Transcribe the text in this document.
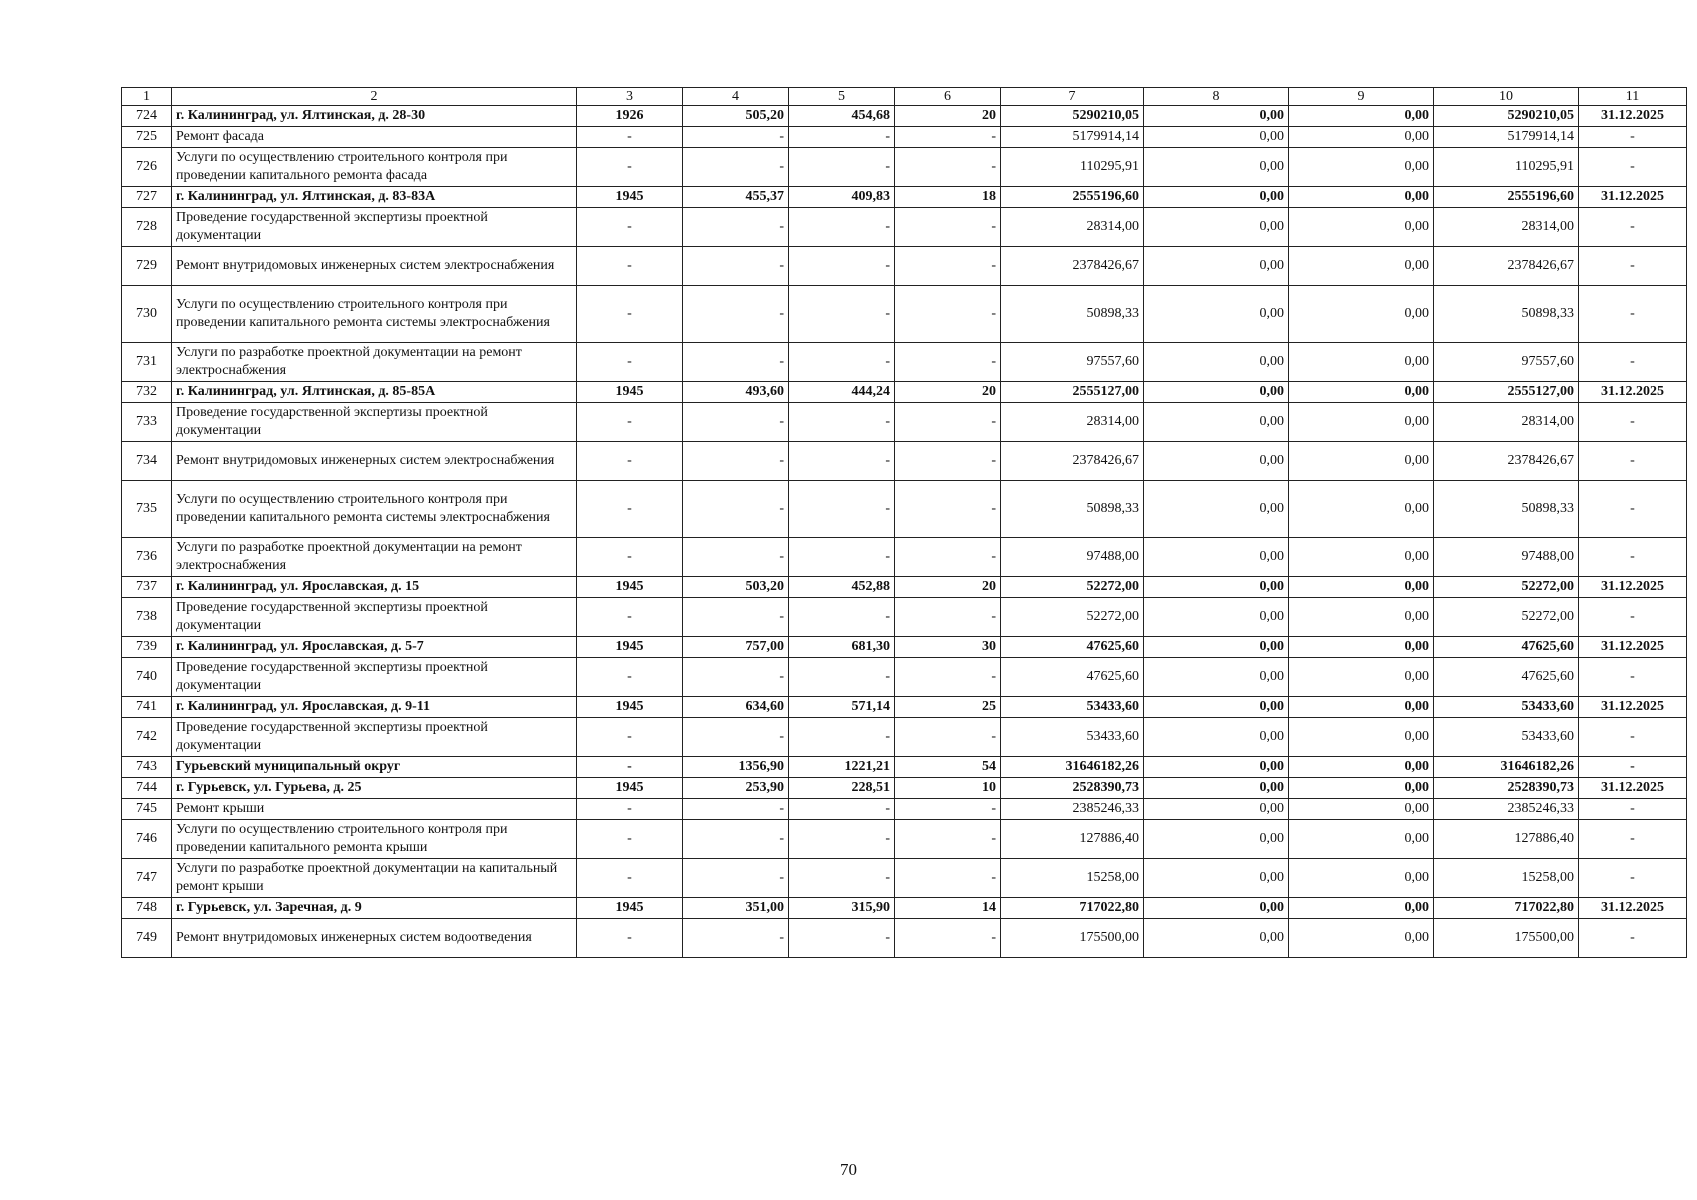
1	2	3	4	5	6	7	8	9	10	11
724	г. Калининград, ул. Ялтинская, д. 28-30	1926	505,20	454,68	20	5290210,05	0,00	0,00	5290210,05	31.12.2025
725	Ремонт фасада	-	-	-	-	5179914,14	0,00	0,00	5179914,14	-
726	Услуги по осуществлению строительного контроля при проведении капитального ремонта фасада	-	-	-	-	110295,91	0,00	0,00	110295,91	-
727	г. Калининград, ул. Ялтинская, д. 83-83А	1945	455,37	409,83	18	2555196,60	0,00	0,00	2555196,60	31.12.2025
728	Проведение государственной экспертизы проектной документации	-	-	-	-	28314,00	0,00	0,00	28314,00	-
729	Ремонт внутридомовых инженерных систем электроснабжения	-	-	-	-	2378426,67	0,00	0,00	2378426,67	-
730	Услуги по осуществлению строительного контроля при проведении капитального ремонта системы электроснабжения	-	-	-	-	50898,33	0,00	0,00	50898,33	-
731	Услуги по разработке проектной документации на ремонт электроснабжения	-	-	-	-	97557,60	0,00	0,00	97557,60	-
732	г. Калининград, ул. Ялтинская, д. 85-85А	1945	493,60	444,24	20	2555127,00	0,00	0,00	2555127,00	31.12.2025
733	Проведение государственной экспертизы проектной документации	-	-	-	-	28314,00	0,00	0,00	28314,00	-
734	Ремонт внутридомовых инженерных систем электроснабжения	-	-	-	-	2378426,67	0,00	0,00	2378426,67	-
735	Услуги по осуществлению строительного контроля при проведении капитального ремонта системы электроснабжения	-	-	-	-	50898,33	0,00	0,00	50898,33	-
736	Услуги по разработке проектной документации на ремонт электроснабжения	-	-	-	-	97488,00	0,00	0,00	97488,00	-
737	г. Калининград, ул. Ярославская, д. 15	1945	503,20	452,88	20	52272,00	0,00	0,00	52272,00	31.12.2025
738	Проведение государственной экспертизы проектной документации	-	-	-	-	52272,00	0,00	0,00	52272,00	-
739	г. Калининград, ул. Ярославская, д. 5-7	1945	757,00	681,30	30	47625,60	0,00	0,00	47625,60	31.12.2025
740	Проведение государственной экспертизы проектной документации	-	-	-	-	47625,60	0,00	0,00	47625,60	-
741	г. Калининград, ул. Ярославская, д. 9-11	1945	634,60	571,14	25	53433,60	0,00	0,00	53433,60	31.12.2025
742	Проведение государственной экспертизы проектной документации	-	-	-	-	53433,60	0,00	0,00	53433,60	-
743	Гурьевский муниципальный округ	-	1356,90	1221,21	54	31646182,26	0,00	0,00	31646182,26	-
744	г. Гурьевск, ул. Гурьева, д. 25	1945	253,90	228,51	10	2528390,73	0,00	0,00	2528390,73	31.12.2025
745	Ремонт крыши	-	-	-	-	2385246,33	0,00	0,00	2385246,33	-
746	Услуги по осуществлению строительного контроля при проведении капитального ремонта крыши	-	-	-	-	127886,40	0,00	0,00	127886,40	-
747	Услуги по разработке проектной документации на капитальный ремонт крыши	-	-	-	-	15258,00	0,00	0,00	15258,00	-
748	г. Гурьевск, ул. Заречная, д. 9	1945	351,00	315,90	14	717022,80	0,00	0,00	717022,80	31.12.2025
749	Ремонт внутридомовых инженерных систем водоотведения	-	-	-	-	175500,00	0,00	0,00	175500,00	-
70
